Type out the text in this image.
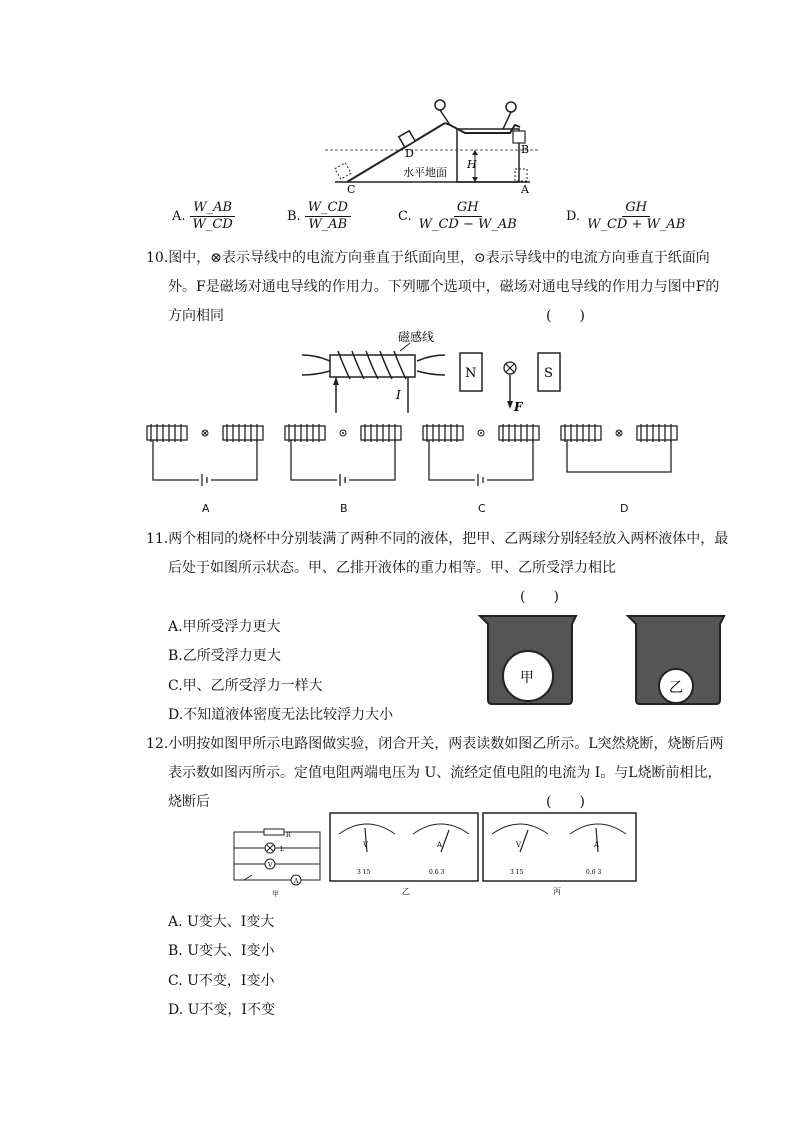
H
D
C	A
B
水平地面
A. $\frac{W\_AB}{W\_CD}$	B. $\frac{W\_CD}{W\_AB}$	C. $\frac{GH}{W\_CD - W\_AB}$	D. $\frac{GH}{W\_CD + W\_AB}$
10.图中，⊗表示导线中的电流方向垂直于纸面向里，⊙表示导线中的电流方向垂直于纸面向
外。F是磁场对通电导线的作用力。下列哪个选项中，磁场对通电导线的作用力与图中F的
方向相同	(　　)
磁感线
I
N	S
F
A	B	C	D
11.两个相同的烧杯中分别装满了两种不同的液体，把甲、乙两球分别轻轻放入两杯液体中，最
后处于如图所示状态。甲、乙排开液体的重力相等。甲、乙所受浮力相比
(　　)
A.甲所受浮力更大
B.乙所受浮力更大
C.甲、乙所受浮力一样大
D.不知道液体密度无法比较浮力大小
甲
乙
12.小明按如图甲所示电路图做实验，闭合开关，两表读数如图乙所示。L突然烧断，烧断后两
表示数如图丙所示。定值电阻两端电压为 U、流经定值电阻的电流为 I。与L烧断前相比，
烧断后	(　　)
R
L
V
A
甲
V	A
3 15	0.6 3
V	A
3 15	0.6 3
乙	丙
A. U变大、I变大
B. U变大、I变小
C. U不变，I变小
D. U不变，I不变
